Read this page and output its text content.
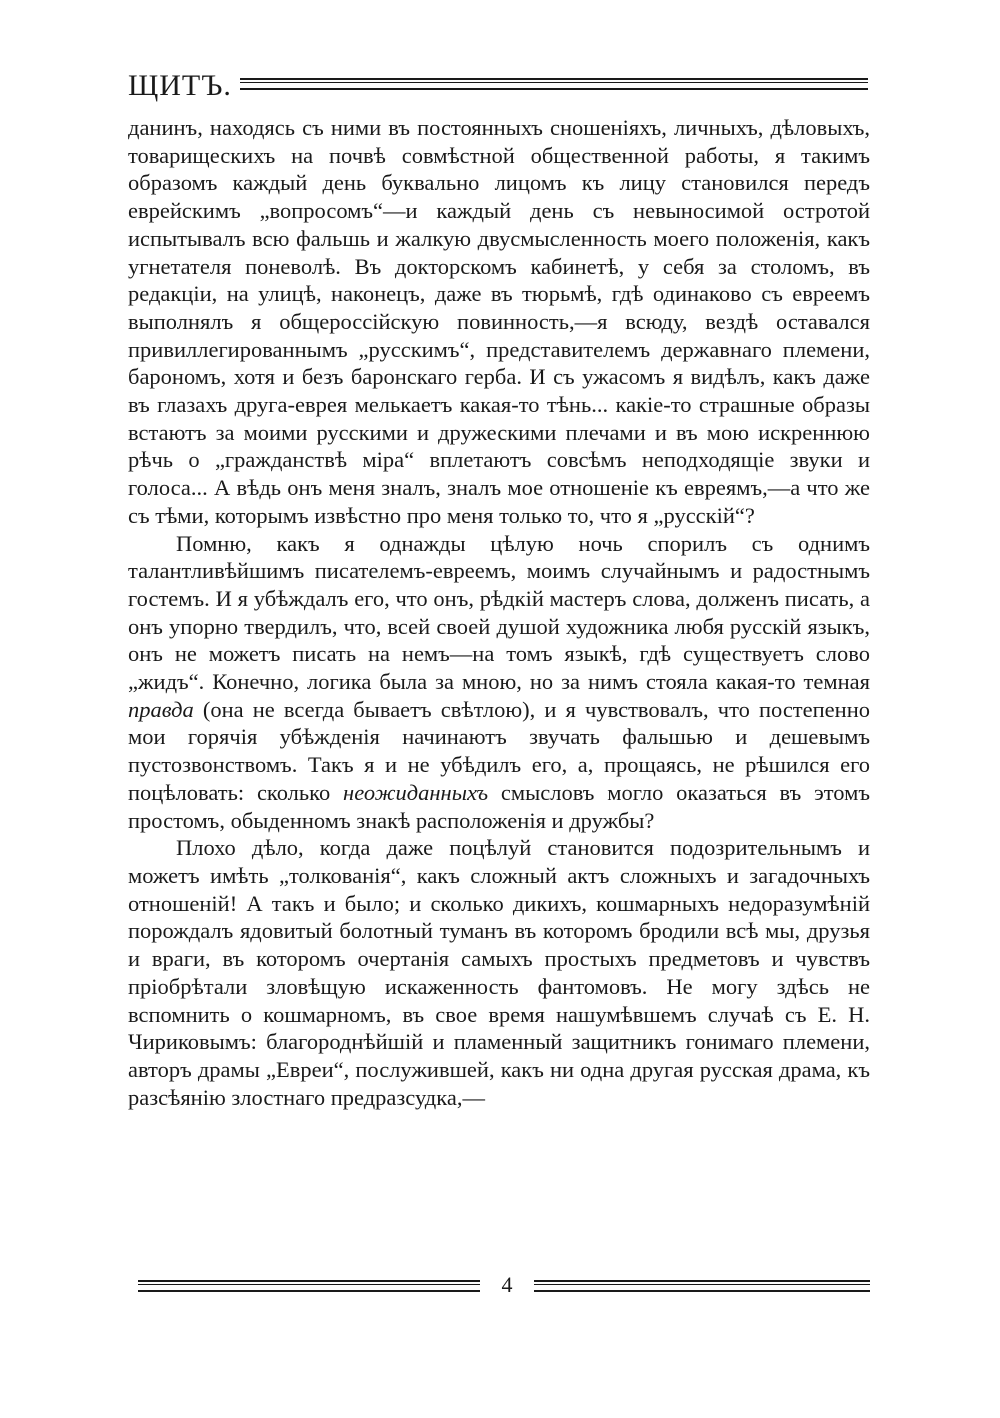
ЩИТЪ.

данинъ, находясь съ ними въ постоянныхъ сношеніяхъ, личныхъ, дѣловыхъ, товарищескихъ на почвѣ совмѣстной общественной работы, я такимъ образомъ каждый день буквально лицомъ къ лицу становился передъ еврейскимъ „вопросомъ“—и каждый день съ невыносимой остротой испытывалъ всю фальшь и жалкую двусмысленность моего положенія, какъ угнетателя поневолѣ. Въ докторскомъ кабинетѣ, у себя за столомъ, въ редакціи, на улицѣ, наконецъ, даже въ тюрьмѣ, гдѣ одинаково съ евреемъ выполнялъ я общероссійскую повинность,—я всюду, вездѣ оставался привиллегированнымъ „русскимъ“, представителемъ державнаго племени, барономъ, хотя и безъ баронскаго герба. И съ ужасомъ я видѣлъ, какъ даже въ глазахъ друга-еврея мелькаетъ какая-то тѣнь... какіе-то страшные образы встаютъ за моими русскими и дружескими плечами и въ мою искреннюю рѣчь о „гражданствѣ міра“ вплетаютъ совсѣмъ неподходящіе звуки и голоса... А вѣдь онъ меня зналъ, зналъ мое отношеніе къ евреямъ,—а что же съ тѣми, которымъ извѣстно про меня только то, что я „русскій“?

Помню, какъ я однажды цѣлую ночь спорилъ съ однимъ талантливѣйшимъ писателемъ-евреемъ, моимъ случайнымъ и радостнымъ гостемъ. И я убѣждалъ его, что онъ, рѣдкій мастеръ слова, долженъ писать, а онъ упорно твердилъ, что, всей своей душой художника любя русскій языкъ, онъ не можетъ писать на немъ—на томъ языкѣ, гдѣ существуетъ слово „жидъ“. Конечно, логика была за мною, но за нимъ стояла какая-то темная правда (она не всегда бываетъ свѣтлою), и я чувствовалъ, что постепенно мои горячія убѣжденія начинаютъ звучать фальшью и дешевымъ пустозвонствомъ. Такъ я и не убѣдилъ его, а, прощаясь, не рѣшился его поцѣловать: сколько неожиданныхъ смысловъ могло оказаться въ этомъ простомъ, обыденномъ знакѣ расположенія и дружбы?

Плохо дѣло, когда даже поцѣлуй становится подозрительнымъ и можетъ имѣть „толкованія“, какъ сложный актъ сложныхъ и загадочныхъ отношеній! А такъ и было; и сколько дикихъ, кошмарныхъ недоразумѣній порождалъ ядовитый болотный туманъ въ которомъ бродили всѣ мы, друзья и враги, въ которомъ очертанія самыхъ простыхъ предметовъ и чувствъ пріобрѣтали зловѣщую искаженность фантомовъ. Не могу здѣсь не вспомнить о кошмарномъ, въ свое время нашумѣвшемъ случаѣ съ Е. Н. Чириковымъ: благороднѣйшій и пламенный защитникъ гонимаго племени, авторъ драмы „Евреи“, послужившей, какъ ни одна другая русская драма, къ разсѣянію злостнаго предразсудка,—

4
